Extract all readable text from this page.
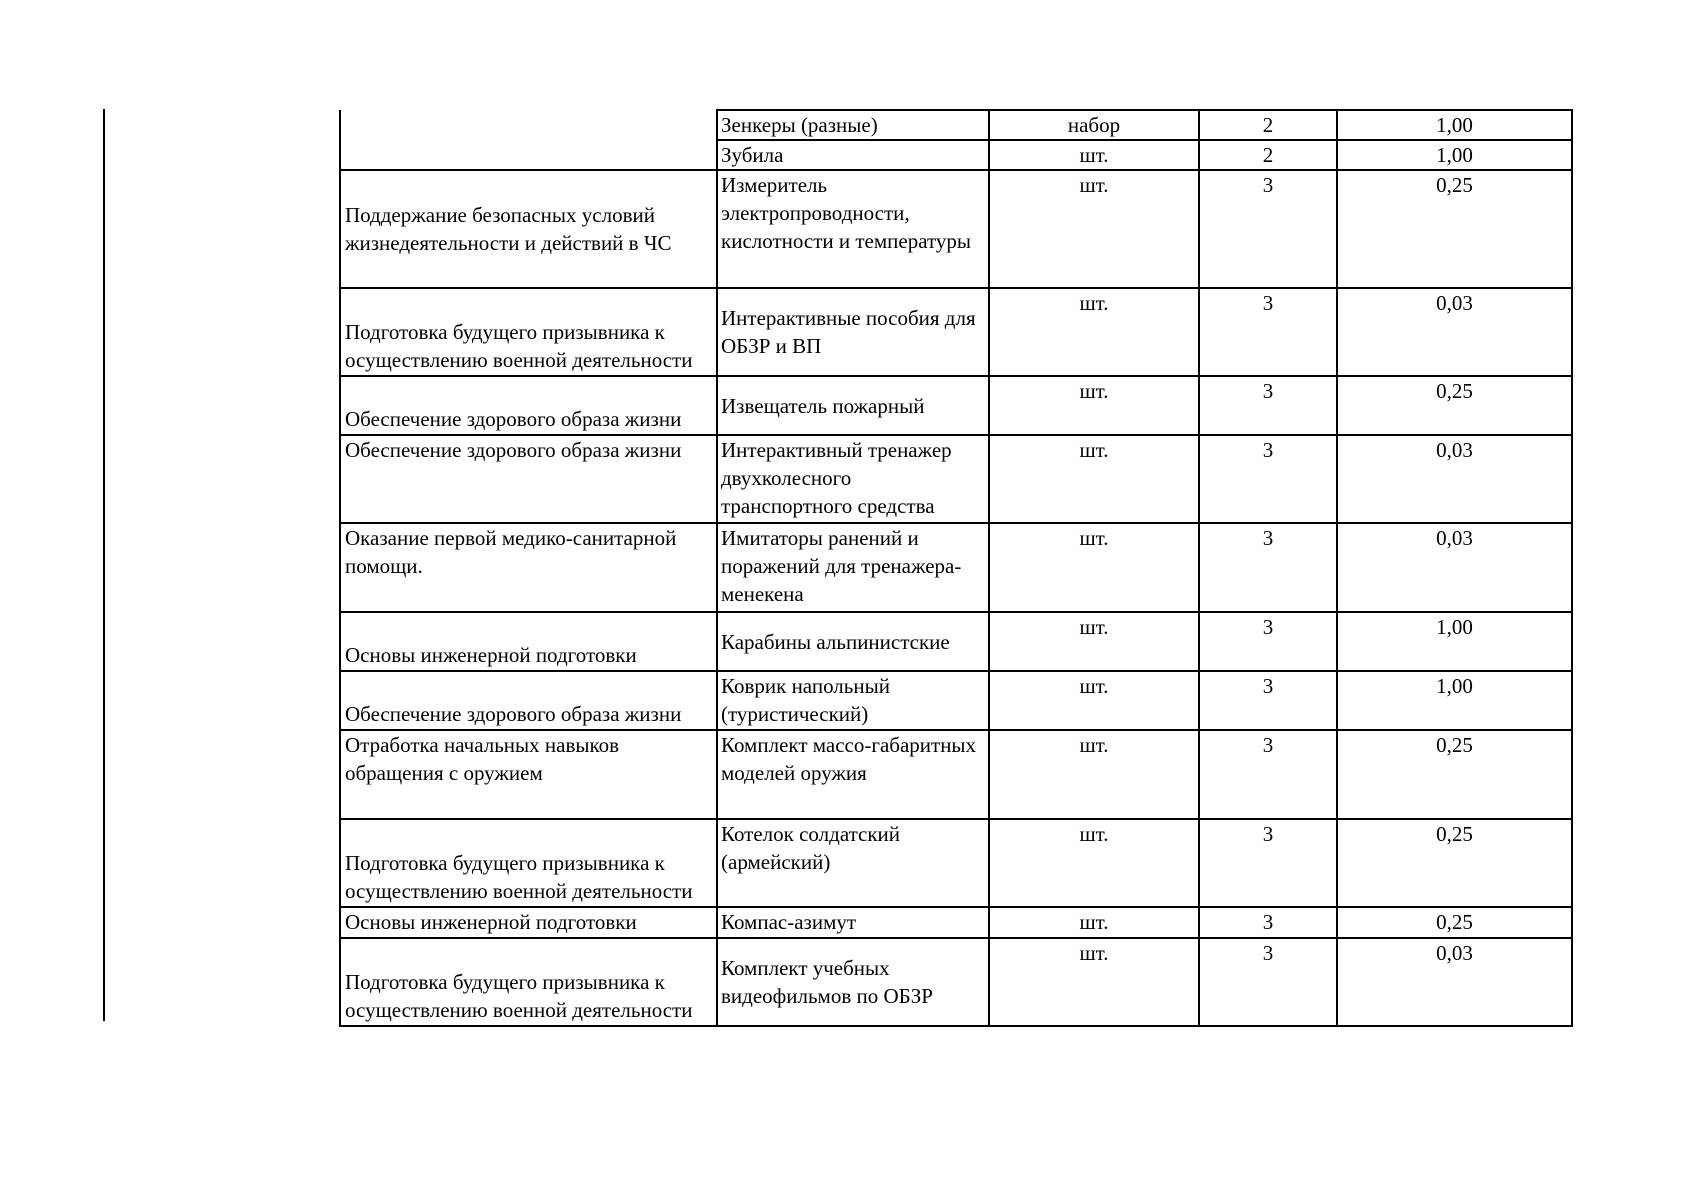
	Зенкеры (разные)	набор	2	1,00
	Зубила	шт.	2	1,00
Поддержание безопасных условий жизнедеятельности и действий в ЧС	Измеритель электропроводности, кислотности и температуры	шт.	3	0,25
Подготовка будущего призывника к осуществлению военной деятельности	Интерактивные пособия для ОБЗР и ВП	шт.	3	0,03
Обеспечение здорового образа жизни	Извещатель пожарный	шт.	3	0,25
Обеспечение здорового образа жизни	Интерактивный тренажер двухколесного транспортного средства	шт.	3	0,03
Оказание первой медико-санитарной помощи.	Имитаторы ранений и поражений для тренажера-менекена	шт.	3	0,03
Основы инженерной подготовки	Карабины альпинистские	шт.	3	1,00
Обеспечение здорового образа жизни	Коврик напольный (туристический)	шт.	3	1,00
Отработка начальных навыков обращения с оружием	Комплект массо-габаритных моделей оружия	шт.	3	0,25
Подготовка будущего призывника к осуществлению военной деятельности	Котелок солдатский (армейский)	шт.	3	0,25
Основы инженерной подготовки	Компас-азимут	шт.	3	0,25
Подготовка будущего призывника к осуществлению военной деятельности	Комплект учебных видеофильмов по ОБЗР	шт.	3	0,03
